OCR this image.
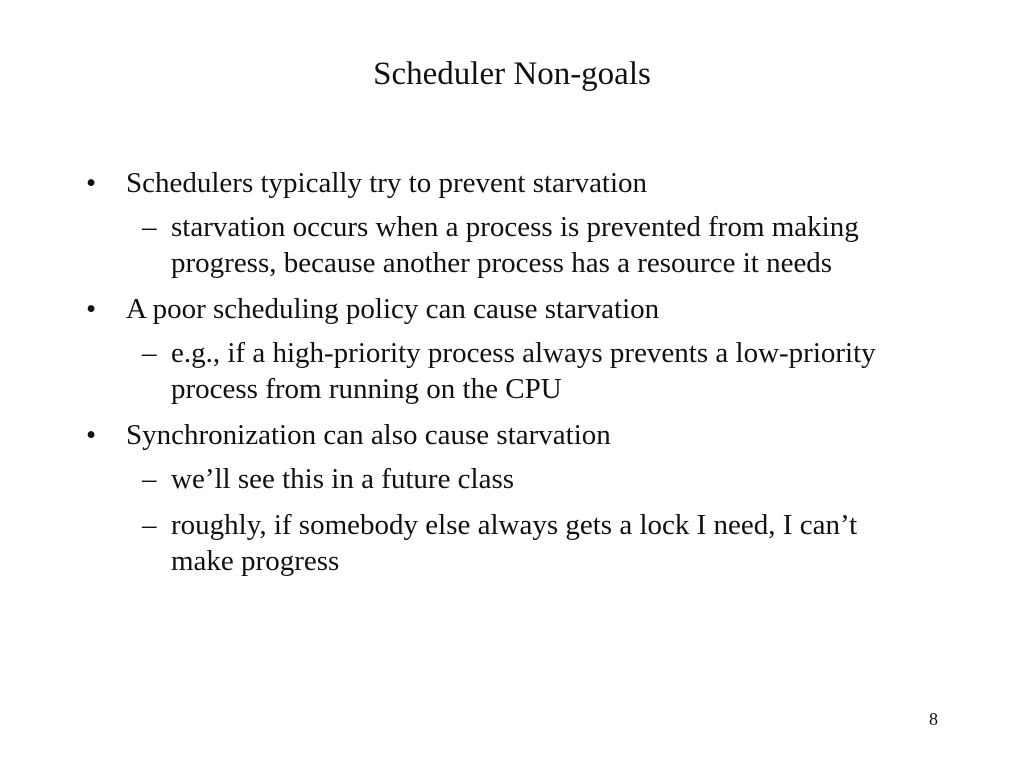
Scheduler Non-goals
•	Schedulers typically try to prevent starvation
– starvation occurs when a process is prevented from making progress, because another process has a resource it needs
•	A poor scheduling policy can cause starvation
– e.g., if a high-priority process always prevents a low-priority process from running on the CPU
•	Synchronization can also cause starvation
– we’ll see this in a future class
– roughly, if somebody else always gets a lock I need, I can’t make progress
8
